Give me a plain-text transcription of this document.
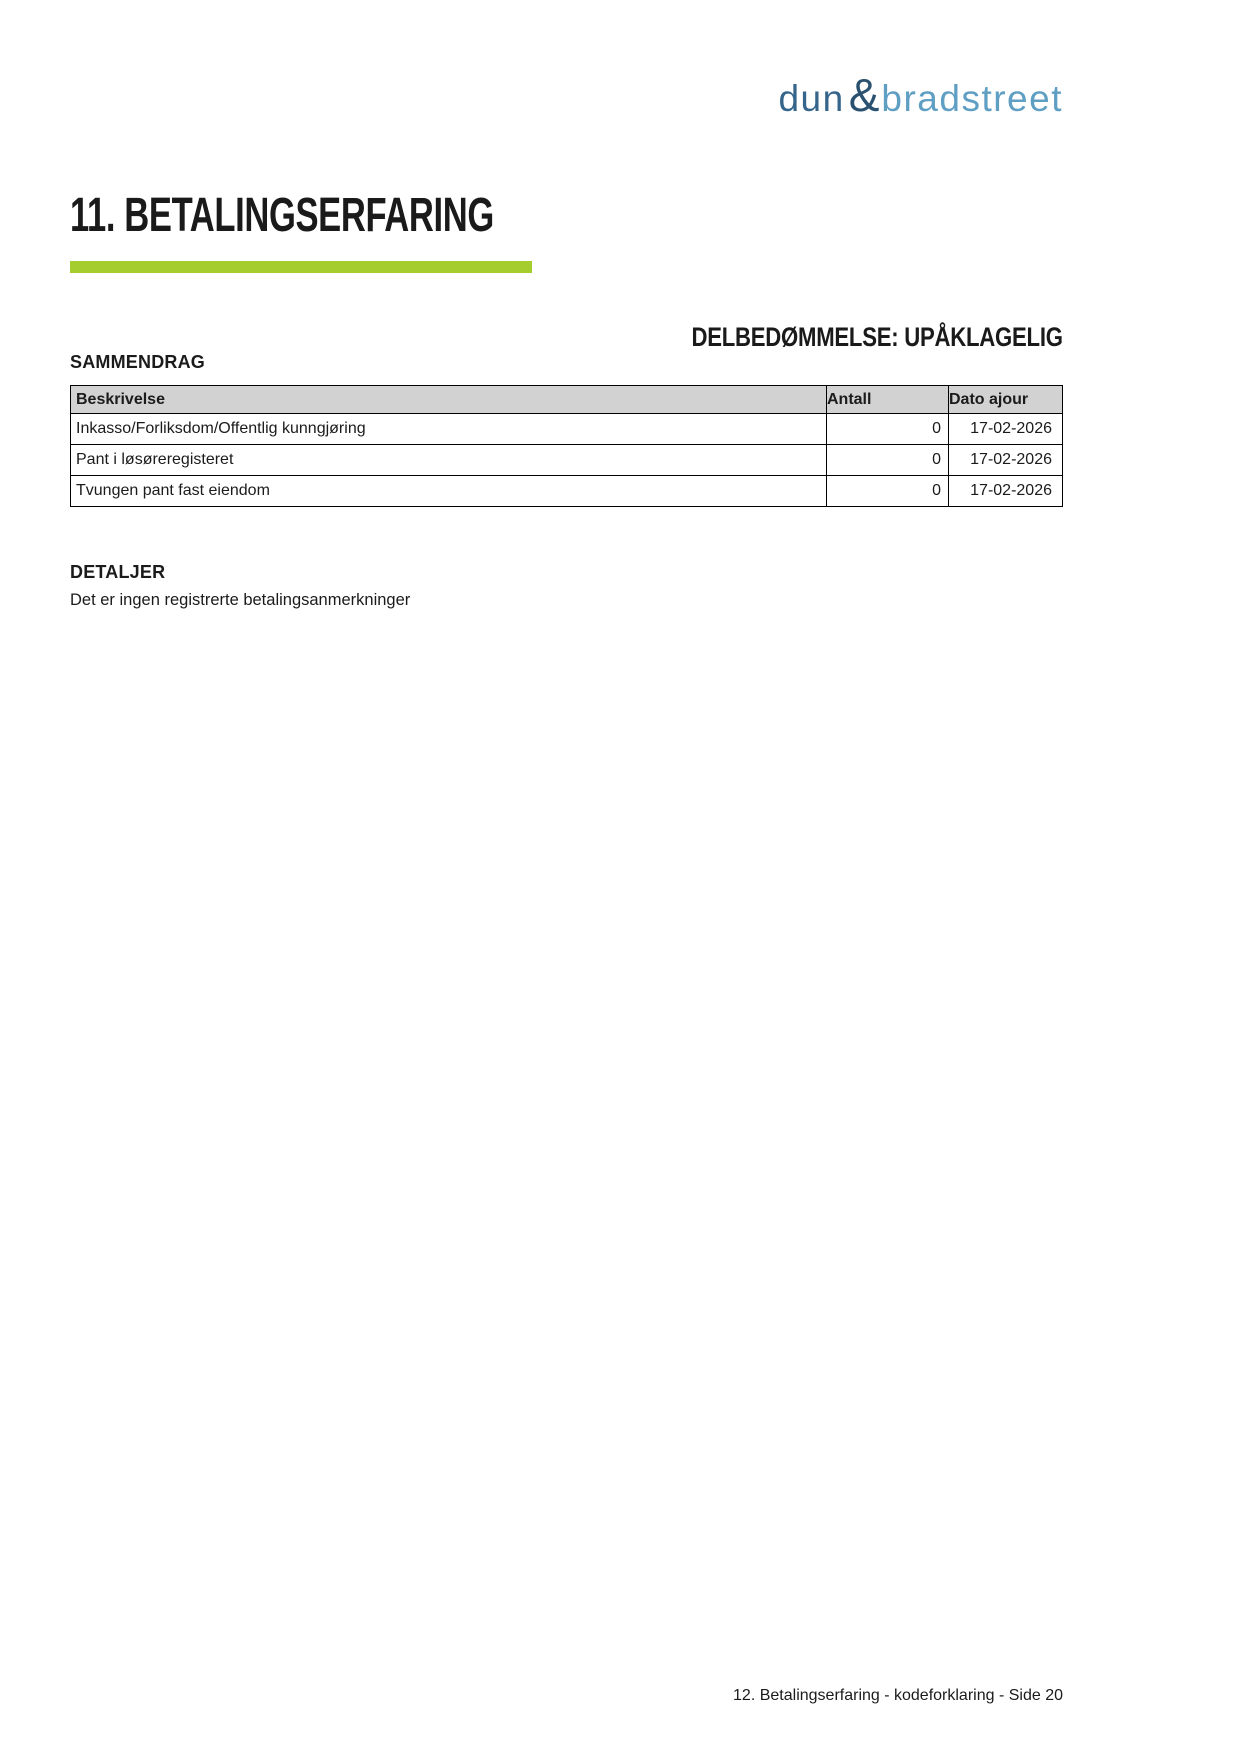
dun & bradstreet
11. BETALINGSERFARING
DELBEDØMMELSE: UPÅKLAGELIG
SAMMENDRAG
Beskrivelse	Antall	Dato ajour
Inkasso/Forliksdom/Offentlig kunngjøring	0	17-02-2026
Pant i løsøreregisteret	0	17-02-2026
Tvungen pant fast eiendom	0	17-02-2026
DETALJER

Det er ingen registrerte betalingsanmerkninger

12. Betalingserfaring - kodeforklaring - Side 20
